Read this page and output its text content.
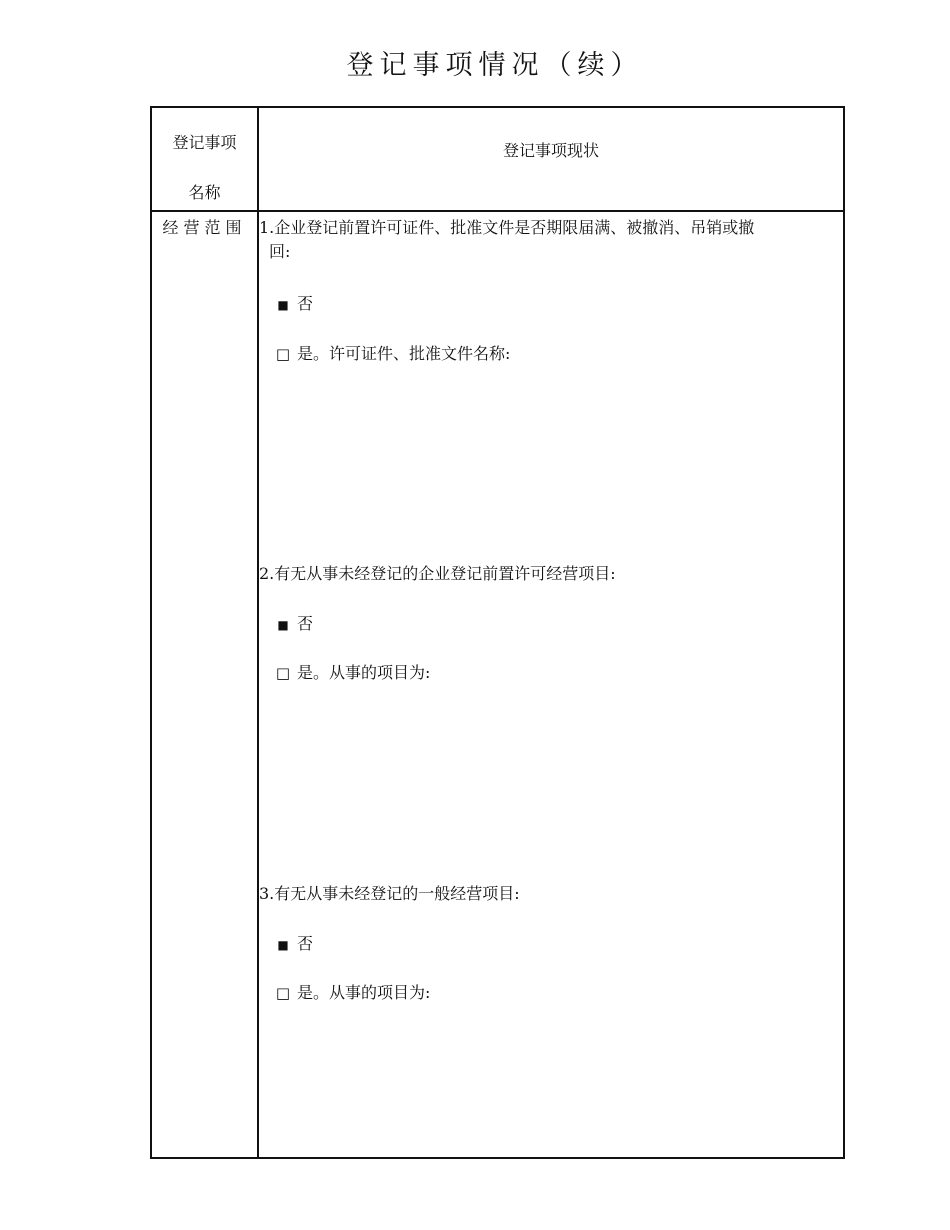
登记事项情况（续）
登记事项
名称
登记事项现状
经营范围 1.企业登记前置许可证件、批准文件是否期限届满、被撤消、吊销或撤
回:
■ 否
□ 是。许可证件、批准文件名称:
2.有无从事未经登记的企业登记前置许可经营项目:
■ 否
□ 是。从事的项目为:
3.有无从事未经登记的一般经营项目:
■ 否
□ 是。从事的项目为:
